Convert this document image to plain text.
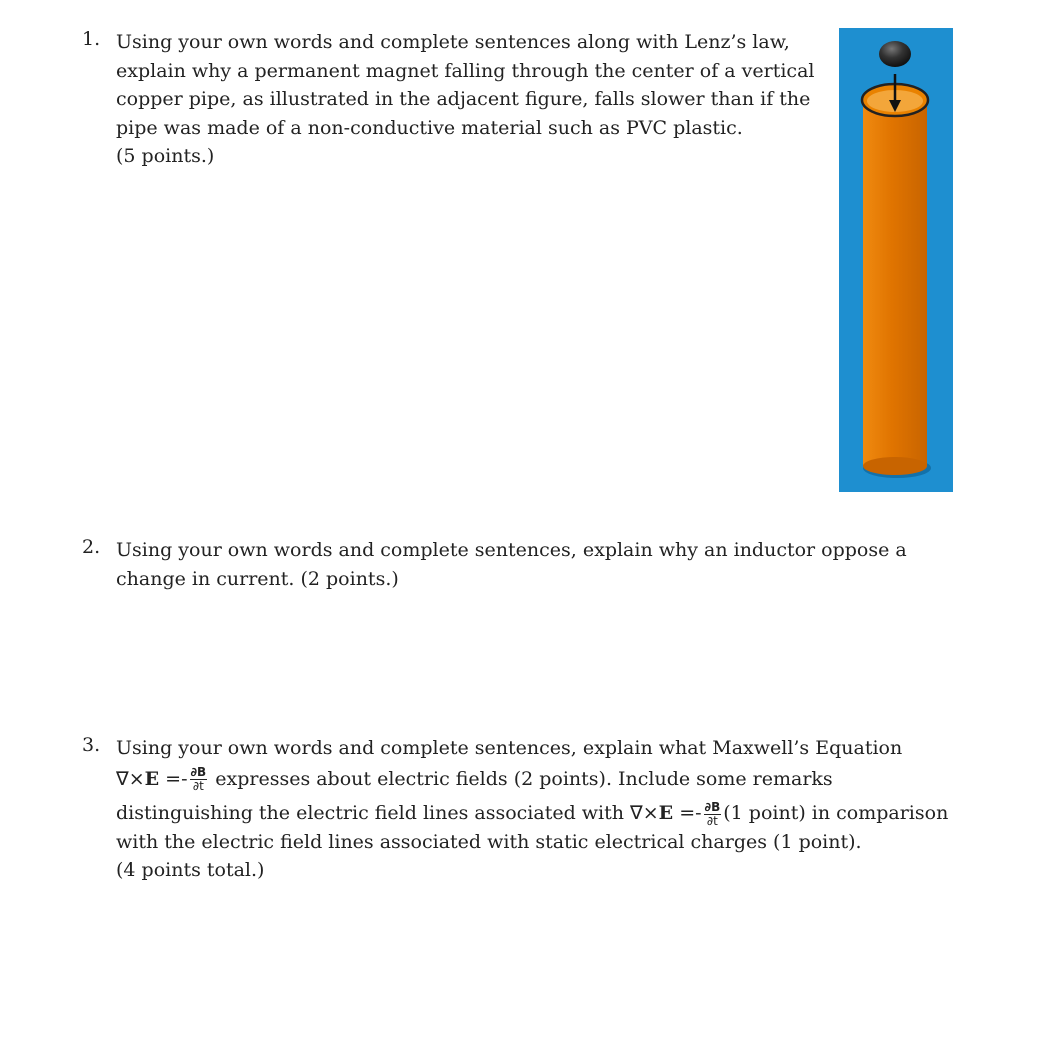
1. Using your own words and complete sentences along with Lenz’s law,
explain why a permanent magnet falling through the center of a vertical
copper pipe, as illustrated in the adjacent figure, falls slower than if the
pipe was made of a non-conductive material such as PVC plastic.
(5 points.)
2. Using your own words and complete sentences, explain why an inductor oppose a
change in current. (2 points.)
3. Using your own words and complete sentences, explain what Maxwell’s Equation
$\nabla\times E =- \frac{\partial B}{\partial t}$ expresses about electric fields (2 points). Include some remarks
distinguishing the electric field lines associated with $\nabla\times E =- \frac{\partial B}{\partial t} (1$ point) in comparison
with the electric field lines associated with static electrical charges (1 point).
(4 points total.)
